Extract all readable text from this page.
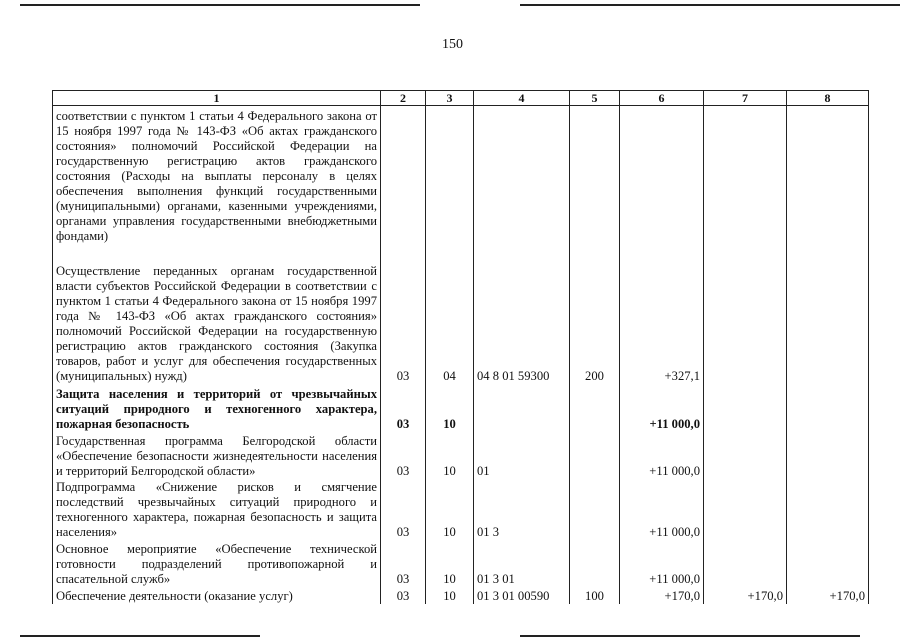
150
1	2	3	4	5	6	7	8
соответствии с пунктом 1 статьи 4 Федерального закона от 15 ноября 1997 года № 143-ФЗ «Об актах гражданского состояния» полномочий Российской Федерации на государственную регистрацию актов гражданского состояния (Расходы на выплаты персоналу в целях обеспечения выполнения функций государственными (муниципальными) органами, казенными учреждениями, органами управления государственными внебюджетными фондами)							
Осуществление переданных органам государственной власти субъектов Российской Федерации в соответствии с пунктом 1 статьи 4 Федерального закона от 15 ноября 1997 года № 143-ФЗ «Об актах гражданского состояния» полномочий Российской Федерации на государственную регистрацию актов гражданского состояния (Закупка товаров, работ и услуг для обеспечения государственных (муниципальных) нужд)	03	04	04 8 01 59300	200	+327,1		
Защита населения и территорий от чрезвычайных ситуаций природного и техногенного характера, пожарная безопасность	03	10			+11 000,0		
Государственная программа Белгородской области «Обеспечение безопасности жизнедеятельности населения и территорий Белгородской области»	03	10	01		+11 000,0		
Подпрограмма «Снижение рисков и смягчение последствий чрезвычайных ситуаций природного и техногенного характера, пожарная безопасность и защита населения»	03	10	01 3		+11 000,0		
Основное мероприятие «Обеспечение технической готовности подразделений противопожарной и спасательной служб»	03	10	01 3 01		+11 000,0		
Обеспечение деятельности (оказание услуг)	03	10	01 3 01 00590	100	+170,0	+170,0	+170,0
